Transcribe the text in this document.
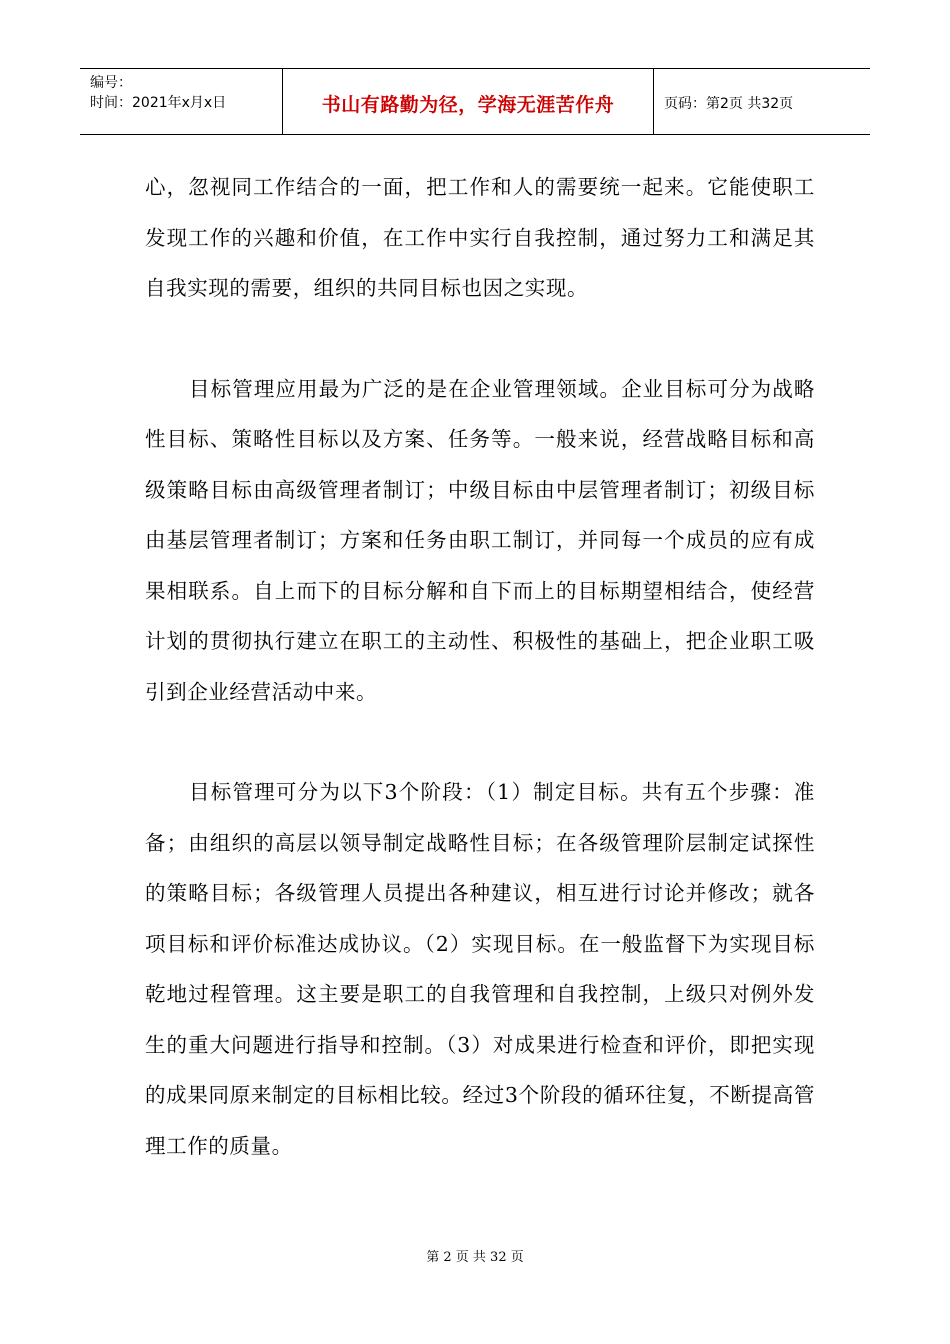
编号：
时间：2021年x月x日	书山有路勤为径，学海无涯苦作舟	页码：第2页 共32页

心，忽视同工作结合的一面，把工作和人的需要统一起来。它能使职工发现工作的兴趣和价值，在工作中实行自我控制，通过努力工和满足其自我实现的需要，组织的共同目标也因之实现。

目标管理应用最为广泛的是在企业管理领域。企业目标可分为战略性目标、策略性目标以及方案、任务等。一般来说，经营战略目标和高级策略目标由高级管理者制订；中级目标由中层管理者制订；初级目标由基层管理者制订；方案和任务由职工制订，并同每一个成员的应有成果相联系。自上而下的目标分解和自下而上的目标期望相结合，使经营计划的贯彻执行建立在职工的主动性、积极性的基础上，把企业职工吸引到企业经营活动中来。

目标管理可分为以下3个阶段：（1）制定目标。共有五个步骤：准备；由组织的高层以领导制定战略性目标；在各级管理阶层制定试探性的策略目标；各级管理人员提出各种建议，相互进行讨论并修改；就各项目标和评价标准达成协议。（2）实现目标。在一般监督下为实现目标乾地过程管理。这主要是职工的自我管理和自我控制，上级只对例外发生的重大问题进行指导和控制。（3）对成果进行检查和评价，即把实现的成果同原来制定的目标相比较。经过3个阶段的循环往复，不断提高管理工作的质量。

第 2 页 共 32 页
